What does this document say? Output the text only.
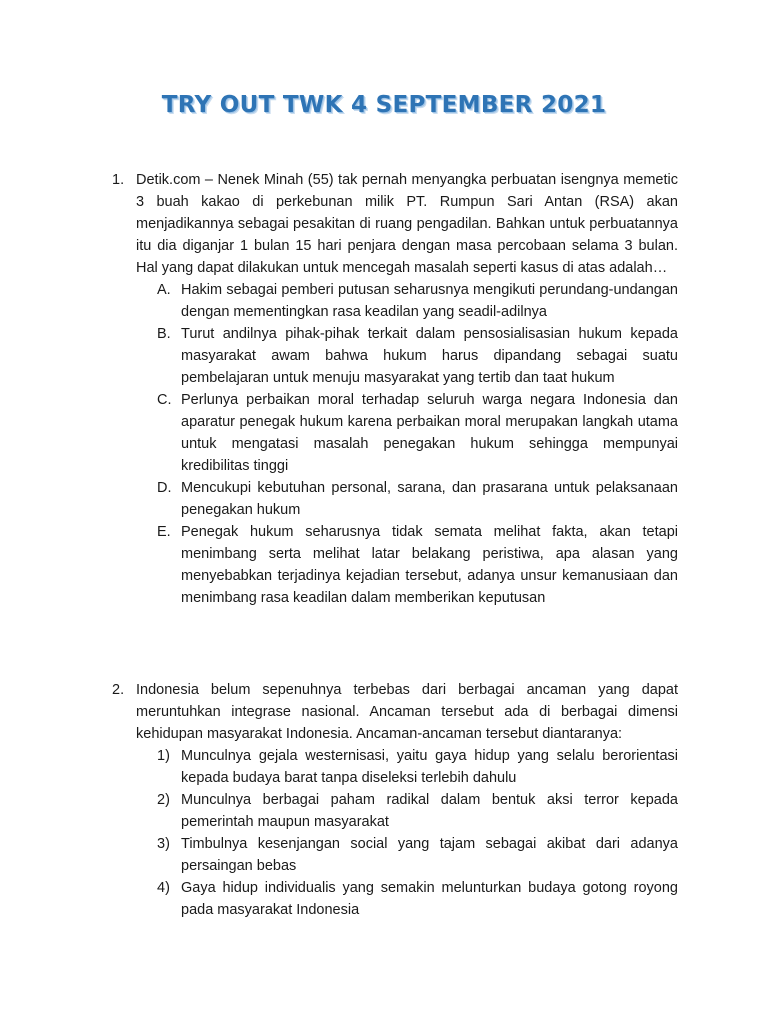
TRY OUT TWK 4 SEPTEMBER 2021
1. Detik.com – Nenek Minah (55) tak pernah menyangka perbuatan isengnya memetic 3 buah kakao di perkebunan milik PT. Rumpun Sari Antan (RSA) akan menjadikannya sebagai pesakitan di ruang pengadilan. Bahkan untuk perbuatannya itu dia diganjar 1 bulan 15 hari penjara dengan masa percobaan selama 3 bulan. Hal yang dapat dilakukan untuk mencegah masalah seperti kasus di atas adalah…
A. Hakim sebagai pemberi putusan seharusnya mengikuti perundang-undangan dengan mementingkan rasa keadilan yang seadil-adilnya
B. Turut andilnya pihak-pihak terkait dalam pensosialisasian hukum kepada masyarakat awam bahwa hukum harus dipandang sebagai suatu pembelajaran untuk menuju masyarakat yang tertib dan taat hukum
C. Perlunya perbaikan moral terhadap seluruh warga negara Indonesia dan aparatur penegak hukum karena perbaikan moral merupakan langkah utama untuk mengatasi masalah penegakan hukum sehingga mempunyai kredibilitas tinggi
D. Mencukupi kebutuhan personal, sarana, dan prasarana untuk pelaksanaan penegakan hukum
E. Penegak hukum seharusnya tidak semata melihat fakta, akan tetapi menimbang serta melihat latar belakang peristiwa, apa alasan yang menyebabkan terjadinya kejadian tersebut, adanya unsur kemanusiaan dan menimbang rasa keadilan dalam memberikan keputusan
2. Indonesia belum sepenuhnya terbebas dari berbagai ancaman yang dapat meruntuhkan integrase nasional. Ancaman tersebut ada di berbagai dimensi kehidupan masyarakat Indonesia. Ancaman-ancaman tersebut diantaranya:
1) Munculnya gejala westernisasi, yaitu gaya hidup yang selalu berorientasi kepada budaya barat tanpa diseleksi terlebih dahulu
2) Munculnya berbagai paham radikal dalam bentuk aksi terror kepada pemerintah maupun masyarakat
3) Timbulnya kesenjangan social yang tajam sebagai akibat dari adanya persaingan bebas
4) Gaya hidup individualis yang semakin melunturkan budaya gotong royong pada masyarakat Indonesia
